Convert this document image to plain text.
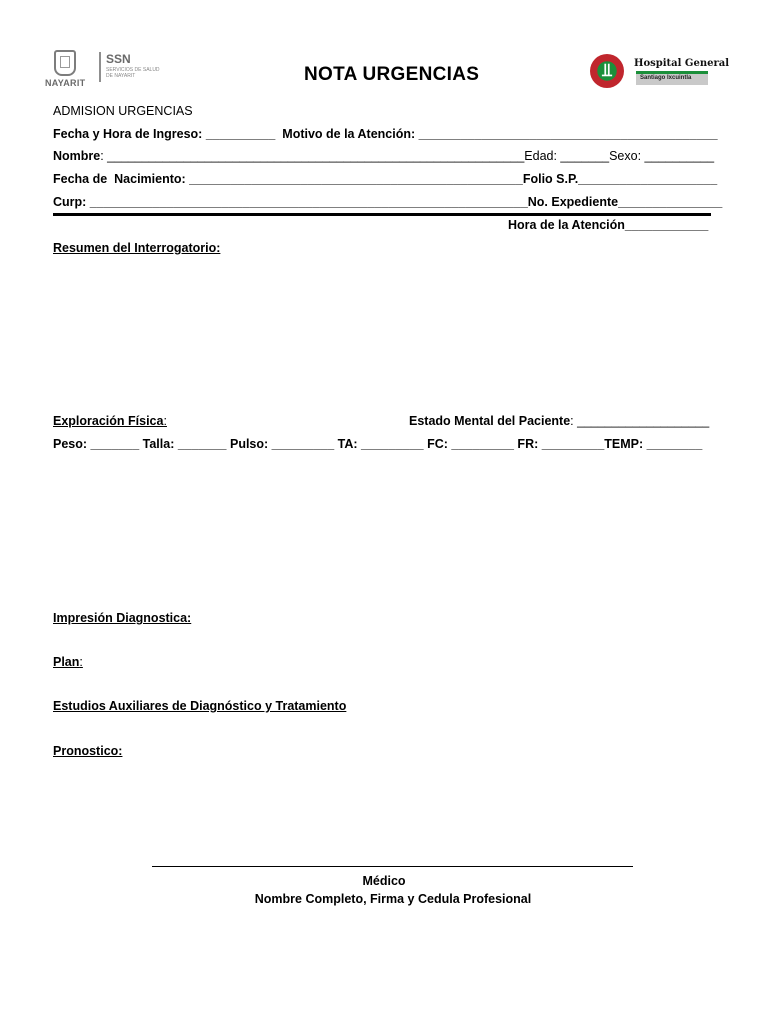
NAYARIT
SSN
SERVICIOS DE SALUD
DE NAYARIT	NOTA URGENCIAS	⫫	Hospital General
Santiago Ixcuintla
ADMISION URGENCIAS
Fecha y Hora de Ingreso: __________  Motivo de la Atención: ___________________________________________
Nombre: ____________________________________________________________Edad: _______Sexo: __________
Fecha de  Nacimiento: ________________________________________________Folio S.P.____________________
Curp: _______________________________________________________________No. Expediente_______________
Hora de la Atención____________
Resumen del Interrogatorio:
Exploración Física:	Estado Mental del Paciente: ___________________
Peso: _______ Talla: _______ Pulso: _________ TA: _________ FC: _________ FR: _________TEMP: ________
Impresión Diagnostica:
Plan:
Estudios Auxiliares de Diagnóstico y Tratamiento
Pronostico:
Médico
Nombre Completo, Firma y Cedula Profesional
